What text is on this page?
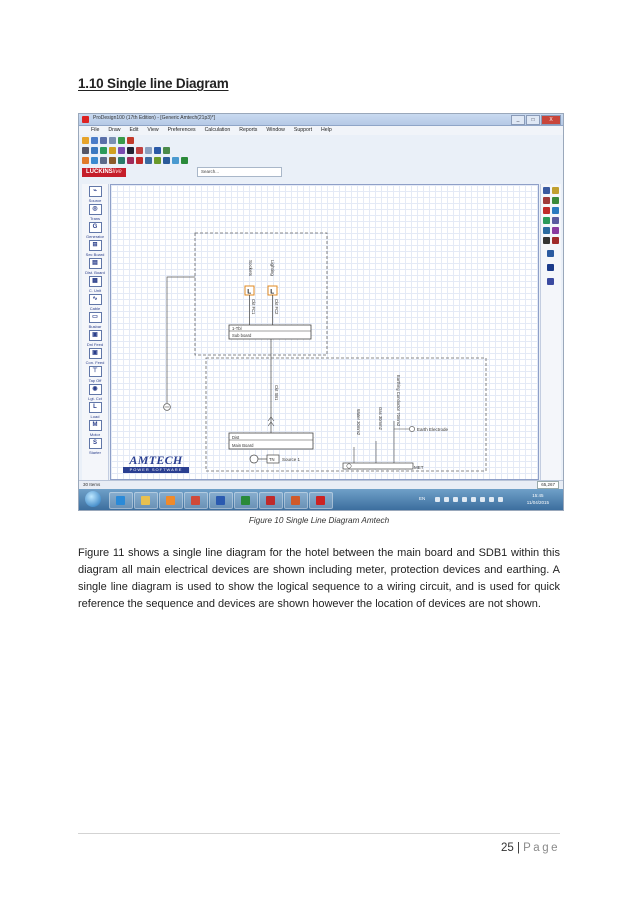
1.10 Single line Diagram
ProDesign100 (17th Edition) - [Generic Amtech(21p3)*]	_	□	X
File Draw Edit View Preferences Calculation Reports Window Support Help
LUCKINSlive	Search...
⌁
Source
◎
Trans
G
Generator
⊞
Sec Board
▤
Dist. Board
▦
C. Unit
∿
Cable
▭
Busbar
▣
Dnl Feed
▣
Con. Feed
⊤
Tap Off
◉
Lgt. Cct
L
Load
M
Motor
S
Starter
Sockets	Lighting
L	L
Ckt FC1	Ckt FC2
1-Tbl
Sub board
Ckt SB1
Dist
Main Board
TN Source 1
Water 30mm2	Gas 30mm2	Earthing Conductor 70mm2
Earth Electrode
MET
AMTECH
POWER SOFTWARE
30 Items	65,267
EN
15:45
11/04/2015
Figure 10 Single Line Diagram Amtech
Figure 11 shows a single line diagram for the hotel between the main board and SDB1 within this diagram all main electrical devices are shown including meter, protection devices and earthing. A single line diagram is used to show the logical sequence to a wiring circuit, and is used for quick reference the sequence and devices are shown however the location of devices are not shown.
25 | Page
